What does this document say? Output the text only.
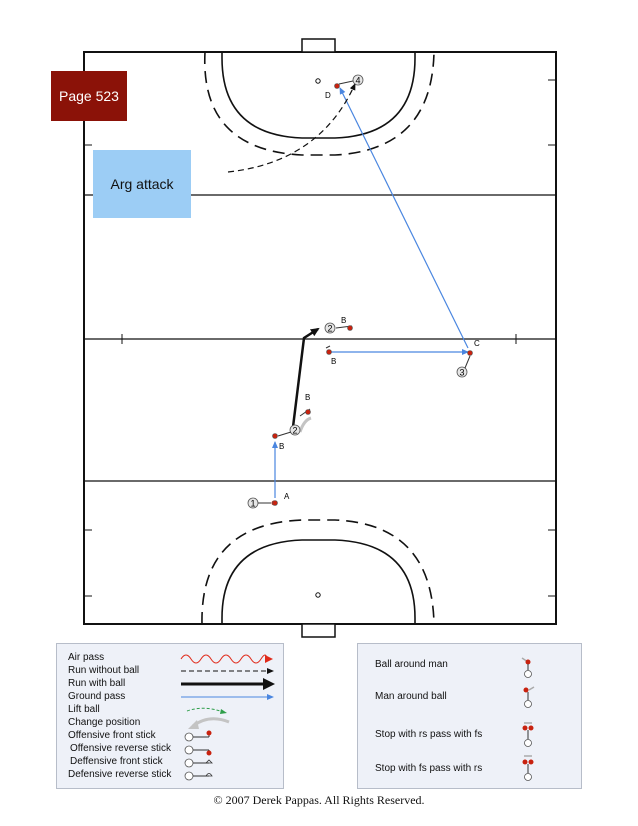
1
2
2
3
4
A
B
B
B
B
C
D
Page 523
Arg attack
Air pass
Run without ball
Run with ball
Ground pass
Lift ball
Change position
Offensive front stick
Offensive reverse stick
Deffensive front stick
Defensive reverse stick
Ball around man
Man around ball
Stop with rs pass with fs
Stop with fs pass with rs
© 2007 Derek Pappas. All Rights Reserved.
